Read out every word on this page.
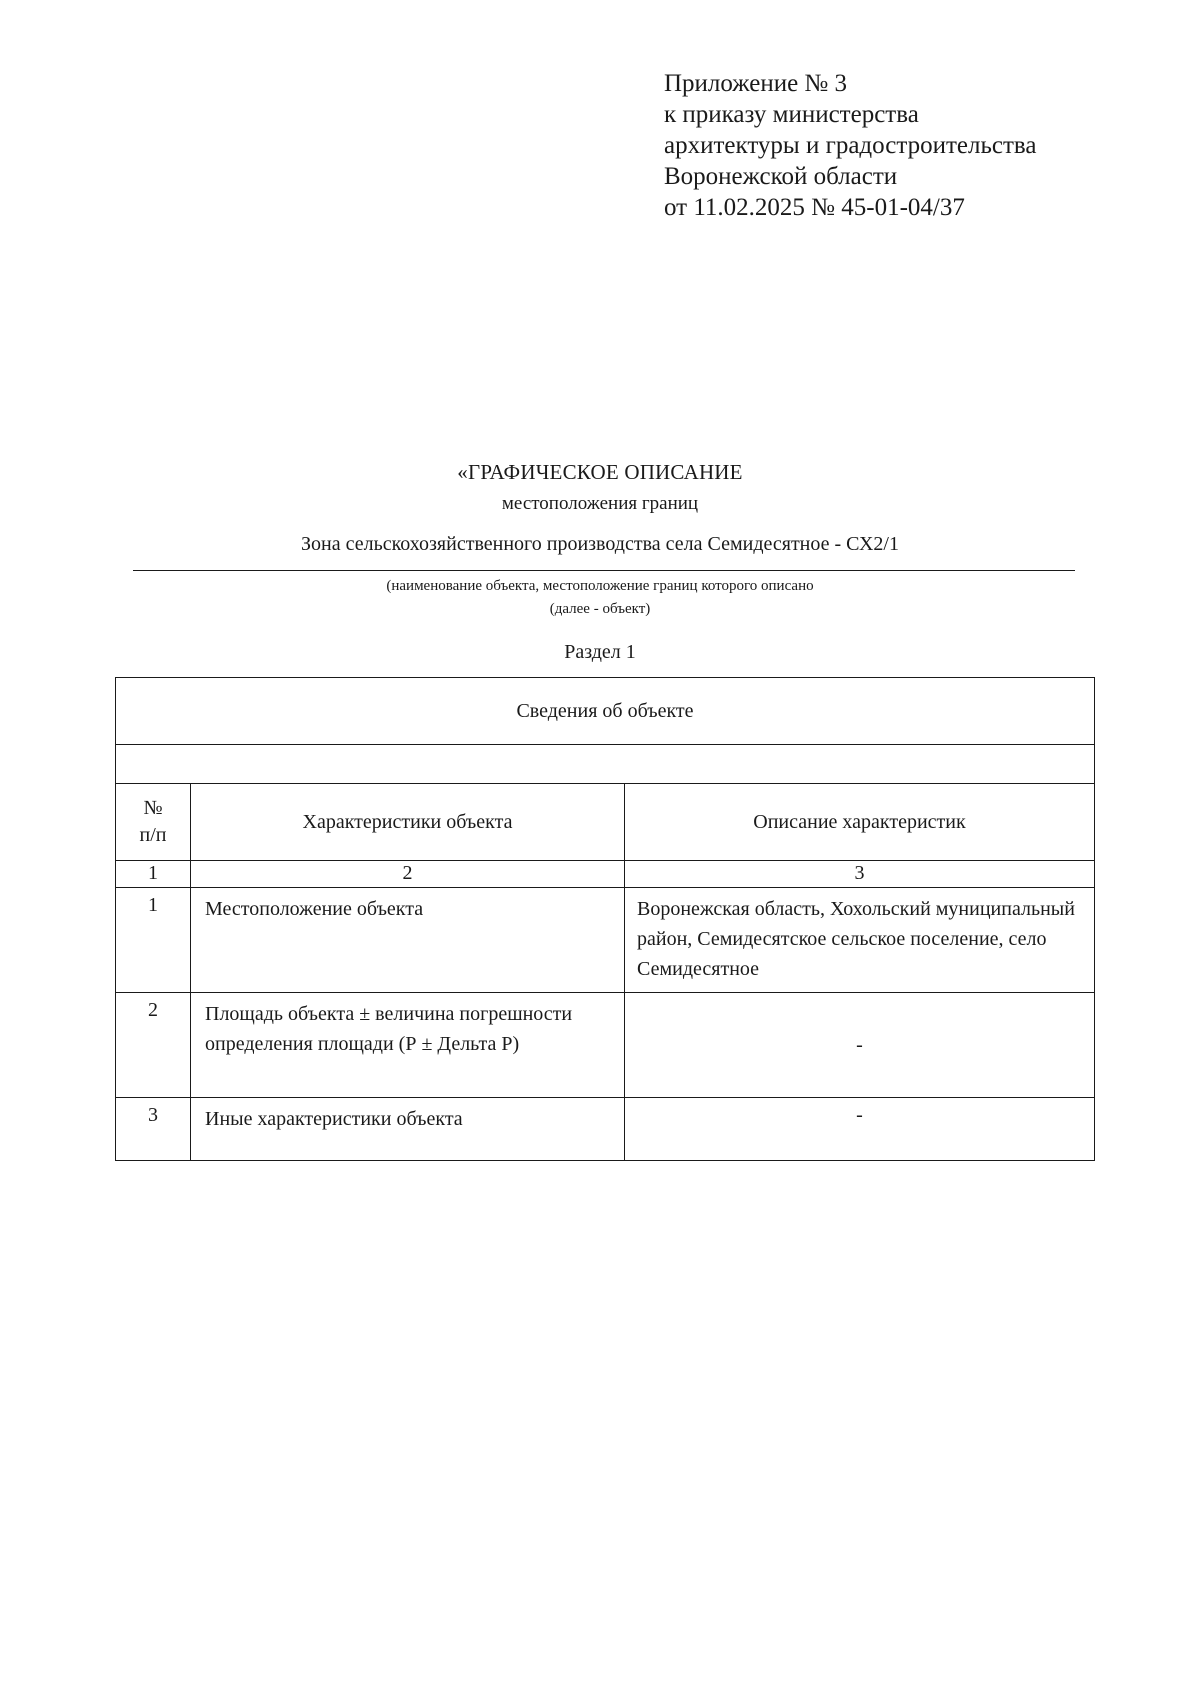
Приложение № 3
к приказу министерства
архитектуры и градостроительства
Воронежской области
от 11.02.2025 № 45-01-04/37
«ГРАФИЧЕСКОЕ ОПИСАНИЕ
местоположения границ
Зона сельскохозяйственного производства села Семидесятное - СХ2/1
(наименование объекта, местоположение границ которого описано
(далее - объект)
Раздел 1
Сведения об объекте		

№ п/п	Характеристики объекта	Описание характеристик
1	2	3
1	Местоположение объекта	Воронежская область, Хохольский муниципальный район, Семидесятское сельское поселение, село Семидесятное
2	Площадь объекта ± величина погрешности определения площади (Р ± Дельта Р)	-
3	Иные характеристики объекта	-
